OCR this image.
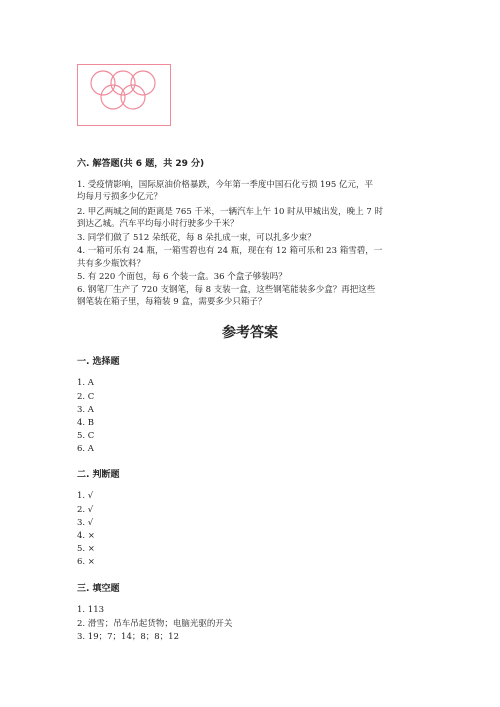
六. 解答题(共 6 题，共 29 分)
1. 受疫情影响，国际原油价格暴跌，今年第一季度中国石化亏损 195 亿元，平
均每月亏损多少亿元？
2. 甲乙两城之间的距离是 765 千米，一辆汽车上午 10 时从甲城出发，晚上 7 时
到达乙城。汽车平均每小时行驶多少千米？
3. 同学们做了 512 朵纸花，每 8 朵扎成一束，可以扎多少束？
4. 一箱可乐有 24 瓶，一箱雪碧也有 24 瓶，现在有 12 箱可乐和 23 箱雪碧，一
共有多少瓶饮料？
5. 有 220 个面包，每 6 个装一盒。36 个盒子够装吗？
6. 钢笔厂生产了 720 支钢笔，每 8 支装一盒，这些钢笔能装多少盒？再把这些
钢笔装在箱子里，每箱装 9 盒，需要多少只箱子？
参考答案
一. 选择题
1. A
2. C
3. A
4. B
5. C
6. A
二. 判断题
1. √
2. √
3. √
4. ×
5. ×
6. ×
三. 填空题
1. 113
2. 滑雪；吊车吊起货物；电脑光驱的开关
3. 19；7；14；8；8；12
